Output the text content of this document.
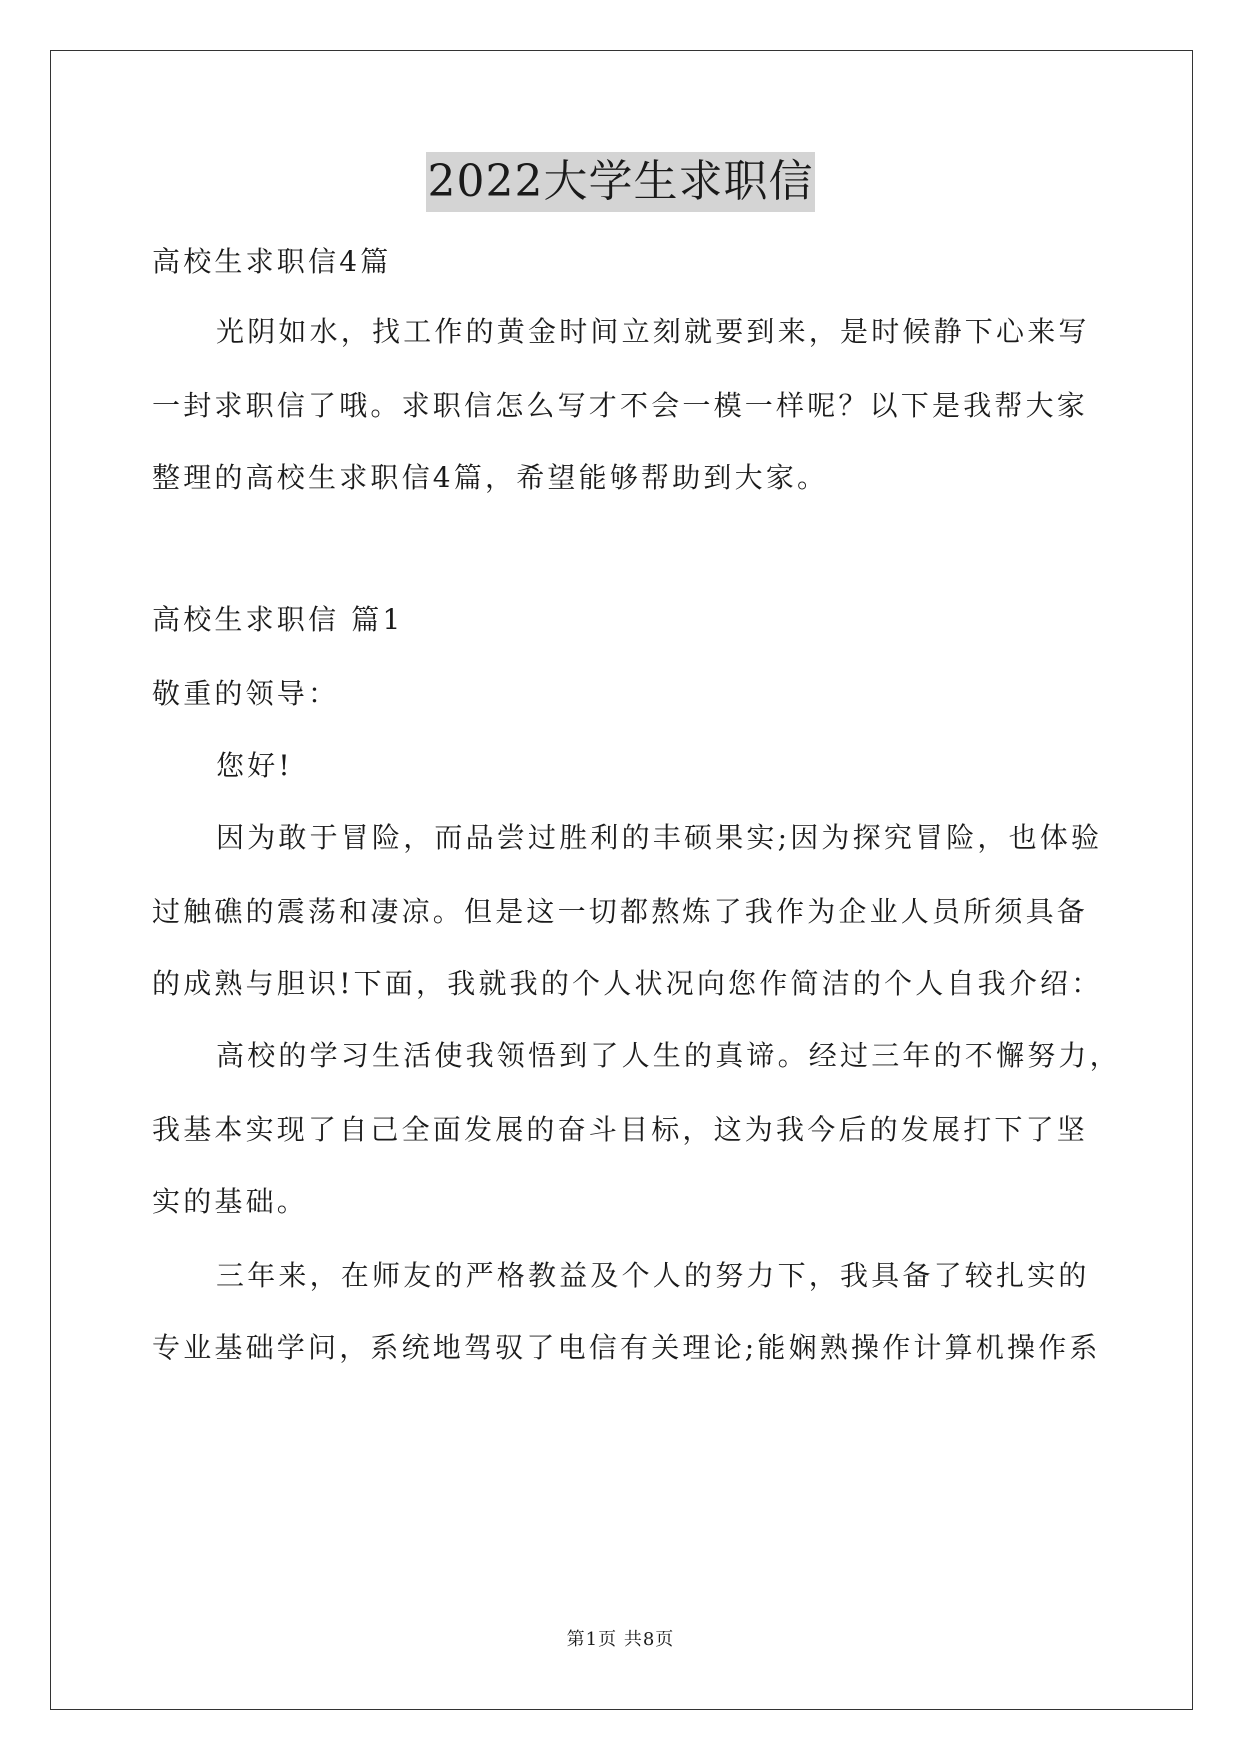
2022大学生求职信
高校生求职信4篇
光阴如水，找工作的黄金时间立刻就要到来，是时候静下心来写
一封求职信了哦。求职信怎么写才不会一模一样呢？以下是我帮大家
整理的高校生求职信4篇，希望能够帮助到大家。
高校生求职信 篇1
敬重的领导：
您好!
因为敢于冒险，而品尝过胜利的丰硕果实;因为探究冒险，也体验
过触礁的震荡和凄凉。但是这一切都熬炼了我作为企业人员所须具备
的成熟与胆识!下面，我就我的个人状况向您作简洁的个人自我介绍：
高校的学习生活使我领悟到了人生的真谛。经过三年的不懈努力，
我基本实现了自己全面发展的奋斗目标，这为我今后的发展打下了坚
实的基础。
三年来，在师友的严格教益及个人的努力下，我具备了较扎实的
专业基础学问，系统地驾驭了电信有关理论;能娴熟操作计算机操作系
第1页 共8页
